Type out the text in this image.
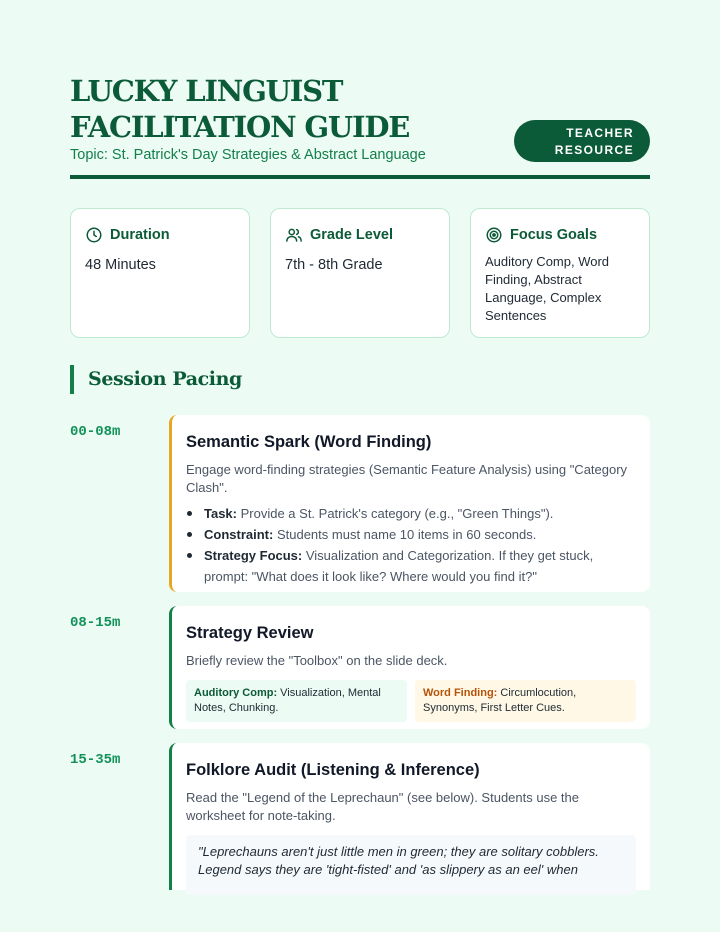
LUCKY LINGUIST
FACILITATION GUIDE
Topic: St. Patrick's Day Strategies & Abstract Language
TEACHER
RESOURCE
Duration
48 Minutes
Grade Level
7th - 8th Grade
Focus Goals
Auditory Comp, Word Finding, Abstract Language, Complex Sentences
Session Pacing
00-08m
Semantic Spark (Word Finding)
Engage word-finding strategies (Semantic Feature Analysis) using "Category Clash".
Task: Provide a St. Patrick's category (e.g., "Green Things").
Constraint: Students must name 10 items in 60 seconds.
Strategy Focus: Visualization and Categorization. If they get stuck, prompt: "What does it look like? Where would you find it?"
08-15m
Strategy Review
Briefly review the "Toolbox" on the slide deck.
Auditory Comp: Visualization, Mental Notes, Chunking.
Word Finding: Circumlocution, Synonyms, First Letter Cues.
15-35m
Folklore Audit (Listening & Inference)
Read the "Legend of the Leprechaun" (see below). Students use the worksheet for note-taking.
"Leprechauns aren't just little men in green; they are solitary cobblers. Legend says they are 'tight-fisted' and 'as slippery as an eel' when
